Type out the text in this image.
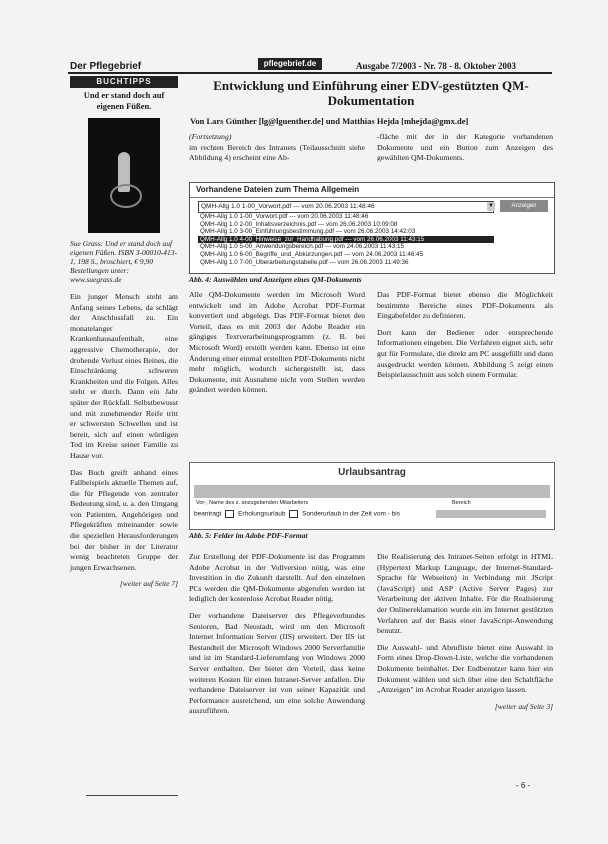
Der Pflegebrief	pflegebrief.de	Ausgabe 7/2003 - Nr. 78 - 8. Oktober 2003
BUCHTIPPS
Und er stand doch auf eigenen Füßen.
Sue Grass: Und er stand doch auf eigenen Füßen. ISBN 3-00010-413-1, 198 S., broschiert, € 9,90 Bestellungen unter: www.suegrass.de

Ein junger Mensch steht am Anfang seines Lebens, da schlägt der Anschlussfall zu. Ein monatelanger Krankenhausaufenthalt, eine aggressive Chemotherapie, der drohende Verlust eines Beines, die Einschränkung schweren Krankheiten und die Folgen. Alles steht er durch. Dann ein Jahr später der Rückfall. Selbstbewusst und mit zunehmender Reife tritt er schwersten Schwellen und ist bereit, sich auf einen würdigen Tod im Kreise seiner Familie zu Hause vor.

Das Buch greift anhand eines Fallbeispiels aktuelle Themen auf, die für Pflegende von zentraler Bedeutung sind, u. a. den Umgang von Patienten, Angehörigen und Pflegekräften miteinander sowie die speziellen Herausforderungen bei der bisher in der Literatur wenig beachteten Gruppe der jungen Erwachsenen.

[weiter auf Seite 7]
Entwicklung und Einführung einer EDV-gestützten QM-Dokumentation
Von Lars Günther [lg@lguenther.de] und Matthias Hejda [mhejda@gmx.de]
(Fortsetzung)
im rechten Bereich des Intranets (Teilausschnitt siehe Abbildung 4) erscheint eine Ab-
-fläche mit der in der Kategorie vorhandenen Dokumente und ein Button zum Anzeigen des gewählten QM-Dokuments.
Vorhandene Dateien zum Thema Allgemein
QMH-Allg 1.0 1-00_Vorwort.pdf --- vom 20.06.2003 11:48:46	▼	Anzeigen
QMH-Allg 1.0 1-00_Vorwort.pdf --- vom 20.06.2003 11:48:46
QMH-Allg 1.0 2-00_Inhaltsverzeichnis.pdf --- vom 26.06.2003 10:09:08
QMH-Allg 1.0 3-00_Einführungsbestimmung.pdf --- vom 26.06.2003 14:42:03
QMH-Allg 1.0 4-00_Hinweise_zur_Handhabung.pdf --- vom 26.06.2003 11:43:15
QMH-Allg 1.0 5-00_Anwendungsbereich.pdf --- vom 24.06.2003 11:43:15
QMH-Allg 1.0 6-00_Begriffe_und_Abkürzungen.pdf --- vom 24.06.2003 11:46:45
QMH-Allg 1.0 7-00_Überarbeitungstabelle.pdf --- vom 26.06.2003 11:49:36
Abb. 4: Auswählen und Anzeigen eines QM-Dokuments
Alle QM-Dokumente werden im Microsoft Word entwickelt und im Adobe Acrobat PDF-Format konvertiert und abgelegt. Das PDF-Format bietet den Vorteil, dass es mit 2003 der Adobe Reader ein gängiges Textverarbeitungsprogramm (z. B. bei Microsoft Word) erstellt werden kann. Ebenso ist eine Änderung einer einmal erstellten PDF-Dokuments nicht mehr möglich, wodurch sichergestellt ist, dass Dokumente, mit Ausnahme nicht vom Stellen werden geändert werden können.

Das PDF-Format bietet ebenso die Möglichkeit bestimmte Bereiche eines PDF-Dokuments als Eingabefelder zu definieren.

Dort kann der Bediener oder entsprechende Informationen eingeben. Die Verfahren eignet sich, sehr gut für Formulare, die direkt am PC ausgefüllt und dann ausgedruckt werden können. Abbildung 5 zeigt einen Beispielausschnitt aus solch einem Formular.

Urlaubsantrag
Vor-, Name des z. anzugebenden Mitarbeiters	Bereich
beantragt	Erholungsurlaub	Sonderurlaub in der Zeit vom - bis
Abb. 5: Felder im Adobe PDF-Format

Zur Erstellung der PDF-Dokumente ist das Programm Adobe Acrobat in der Vollversion nötig, was eine Investition in die Zukunft darstellt. Auf den einzelnen PCs werden die QM-Dokumente abgerufen werden ist lediglich der kostenlose Acrobat Reader nötig.

Der vorhandene Dateiserver des Pflegeverbundes Senioren, Bad Neustadt, wird um den Microsoft Internet Information Server (IIS) erweitert. Der IIS ist Bestandteil der Microsoft Windows 2000 Serverfamilie und ist im Standard-Lieferumfang von Windows 2000 Server enthalten. Der bietet den Vorteil, dass keine weiteren Kosten für einen Intranet-Server anfallen. Die verhandene Dateiserver ist von seiner Kapazität und Performance ausreichend, um eine solche Anwendung auszuführen.

Die Realisierung des Intranet-Seiten erfolgt in HTML (Hypertext Markup Language, der Internet-Standard-Sprache für Webseiten) in Verbindung mit JScript (JavaScript) und ASP (Active Server Pages) zur Verarbeitung der aktiven Inhalte. Für die Realisierung der Onlinereklamation wurde ein im Internet gestützten Verfahren auf der Basis einer JavaScript-Anwendung benutzt.

Die Auswahl- und Abrufliste bietet eine Auswahl in Form eines Drop-Down-Liste, welche die vorhandenen Dokumente beinhaltet. Der Endbenutzer kann hier ein Dokument wählen und sich über eine den Schaltfläche „Anzeigen" im Acrobat Reader anzeigen lassen.

[weiter auf Seite 3]
- 6 -
